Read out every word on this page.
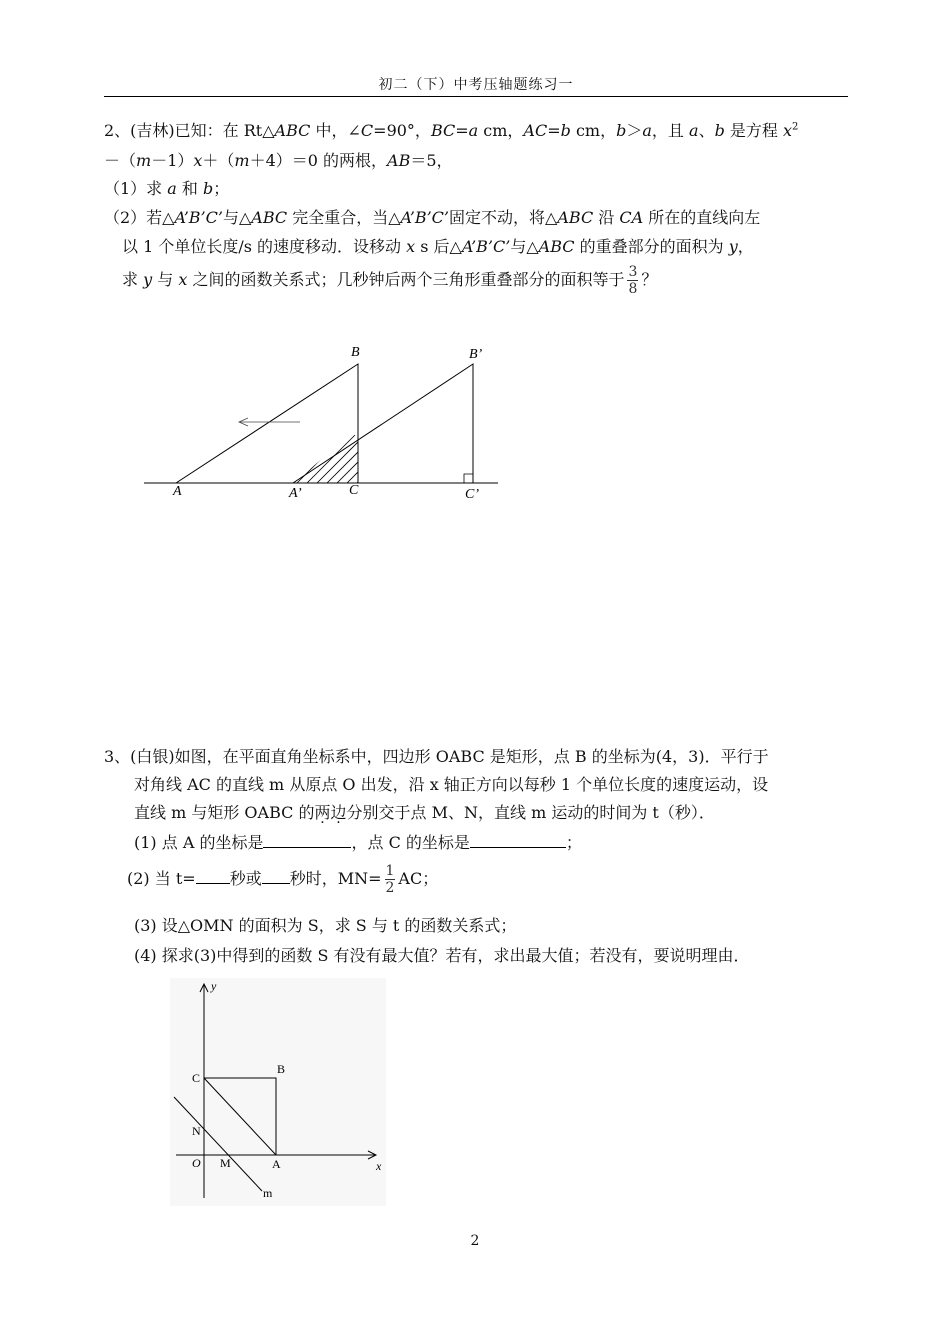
初二（下）中考压轴题练习一
2、(吉林)已知：在 Rt△ABC 中，∠C=90°，BC=a cm，AC=b cm，b＞a，且 a、b 是方程 $x^2$
－（m－1）x＋（m＋4）＝0 的两根，AB＝5，
（1）求 a 和 b；
（2）若△A’B’C’与△ABC 完全重合，当△A’B’C’固定不动，将△ABC 沿 CA 所在的直线向左
以 1 个单位长度/s 的速度移动．设移动 x s 后△A’B’C’与△ABC 的重叠部分的面积为 y，
求 y 与 x 之间的函数关系式；几秒钟后两个三角形重叠部分的面积等于 $\frac{3}{8}$ ？
B	B’
A	A’	C	C’
3、(白银)如图，在平面直角坐标系中，四边形 OABC 是矩形，点 B 的坐标为(4，3)．平行于
对角线 AC 的直线 m 从原点 O 出发，沿 x 轴正方向以每秒 1 个单位长度的速度运动，设
直线 m 与矩形 OABC 的两边分别交于点 M、N，直线 m 运动的时间为 t（秒）．
(1) 点 A 的坐标是	，点 C 的坐标是	；
(2) 当 t= 秒或 秒时，$MN= \frac{1}{2}$ AC；
(3) 设△OMN 的面积为 S，求 S 与 t 的函数关系式；
(4) 探求(3)中得到的函数 S 有没有最大值？若有，求出最大值；若没有，要说明理由．
y
x
O	A
B
C
M
N
m
2
